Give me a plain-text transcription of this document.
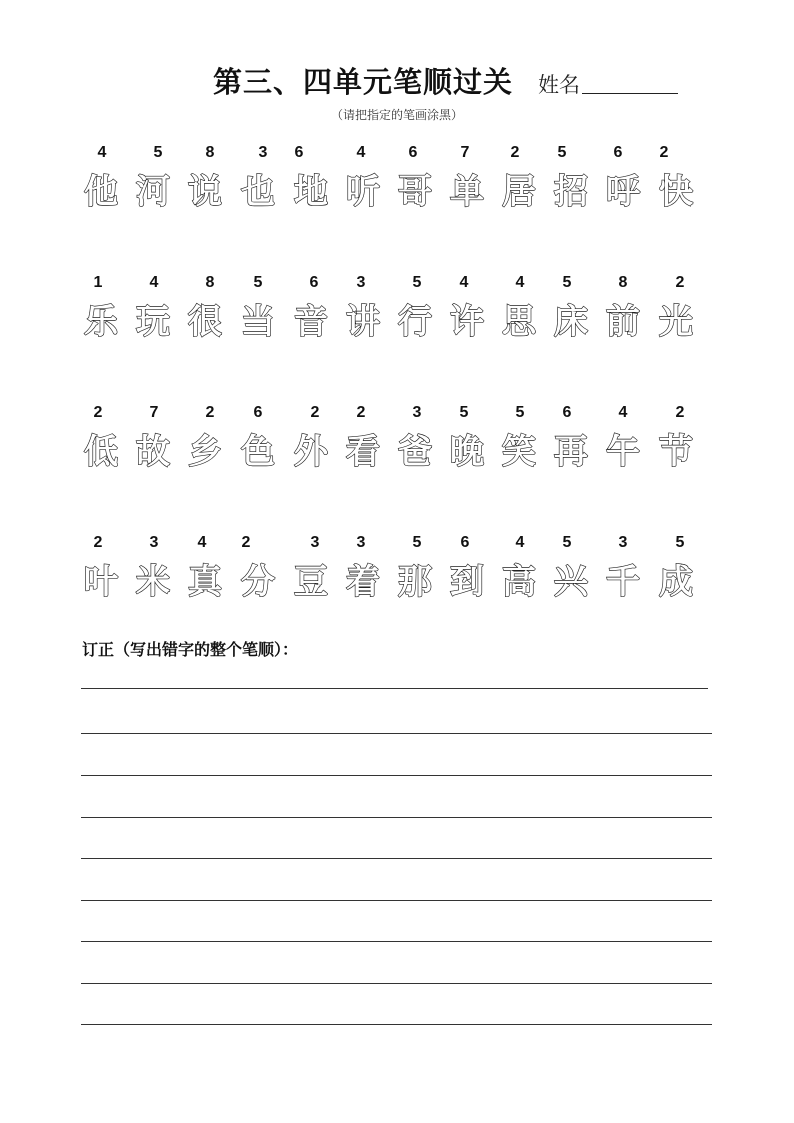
第三、四单元笔顺过关 姓名
（请把指定的笔画涂黑）
4
他
5
河
8
说
3
也
6
地
4
听
6
哥
7
单
2
居
5
招
6
呼
2
快
1
乐
4
玩
8
很
5
当
6
音
3
讲
5
行
4
许
4
思
5
床
8
前
2
光
2
低
7
故
2
乡
6
色
2
外
2
看
3
爸
5
晚
5
笑
6
再
4
午
2
节
2
叶
3
米
4
真
2
分
3
豆
3
着
5
那
6
到
4
高
5
兴
3
千
5
成
订正（写出错字的整个笔顺）：
